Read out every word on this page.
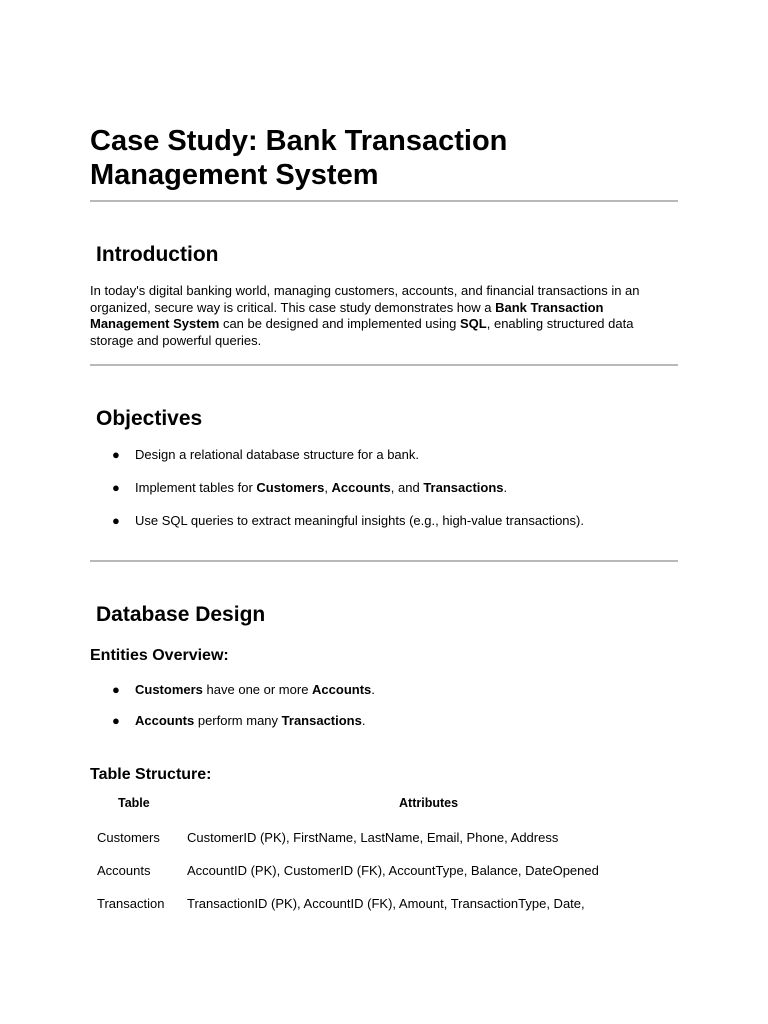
Case Study: Bank Transaction Management System
Introduction
In today's digital banking world, managing customers, accounts, and financial transactions in an organized, secure way is critical. This case study demonstrates how a Bank Transaction Management System can be designed and implemented using SQL, enabling structured data storage and powerful queries.
Objectives
● Design a relational database structure for a bank.
● Implement tables for Customers, Accounts, and Transactions.
● Use SQL queries to extract meaningful insights (e.g., high-value transactions).
Database Design
Entities Overview:
● Customers have one or more Accounts.
● Accounts perform many Transactions.
Table Structure:
Table	Attributes
Customers CustomerID (PK), FirstName, LastName, Email, Phone, Address
Accounts	AccountID (PK), CustomerID (FK), AccountType, Balance, DateOpened
Transaction TransactionID (PK), AccountID (FK), Amount, TransactionType, Date,
